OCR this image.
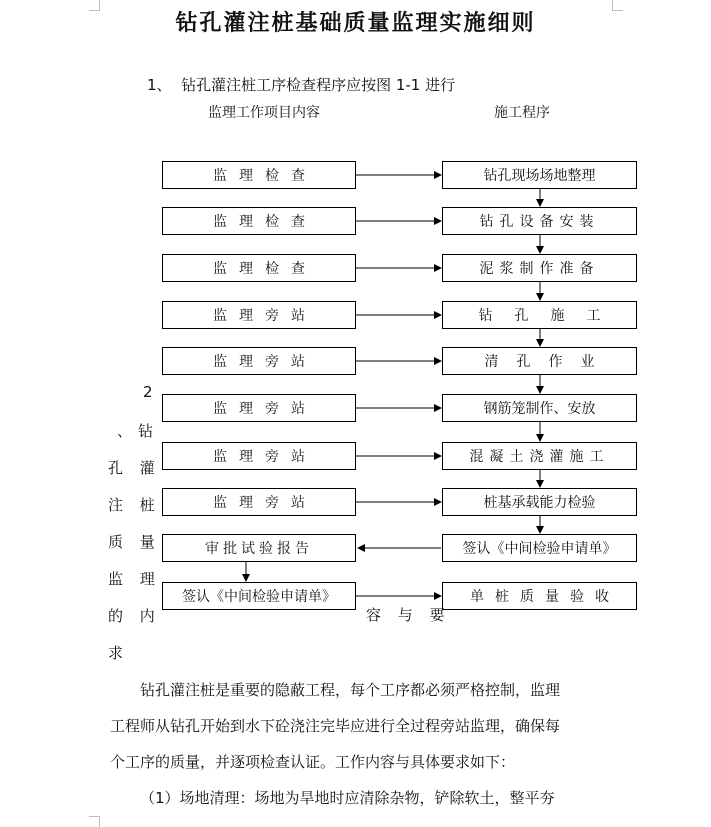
钻孔灌注桩基础质量监理实施细则
1、  钻孔灌注桩工序检查程序应按图 1-1 进行
监理工作项目内容	施工程序
监理检查
监理检查
监理检查
监理旁站
监理旁站
监理旁站
监理旁站
监理旁站
审批试验报告
签认《中间检验申请单》
钻孔现场场地整理
钻孔设备安装
泥浆制作准备
钻孔施工
清孔作业
钢筋笼制作、安放
混凝土浇灌施工
桩基承载能力检验
签认《中间检验申请单》
单桩质量验收
2
、钻
孔 灌
注 桩
质 量
监 理
的 内
求
容 与 要
钻孔灌注桩是重要的隐蔽工程，每个工序都必须严格控制，监理
工程师从钻孔开始到水下砼浇注完毕应进行全过程旁站监理，确保每
个工序的质量，并逐项检查认证。工作内容与具体要求如下：
（1）场地清理：场地为旱地时应清除杂物，铲除软土，整平夯
